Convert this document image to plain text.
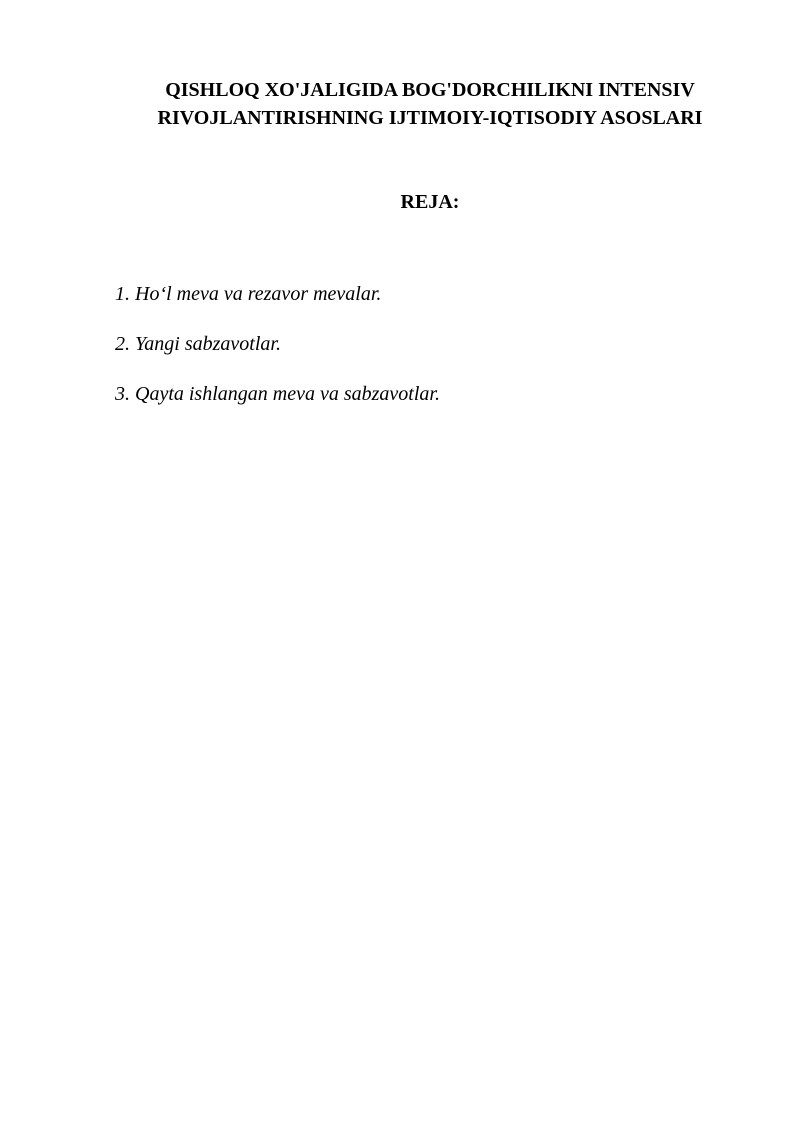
QISHLOQ XO'JALIGIDA BOG'DORCHILIKNI INTENSIV
RIVOJLANTIRISHNING IJTIMOIY-IQTISODIY ASOSLARI
REJA:
1. Ho‘l meva va rezavor mevalar.
2. Yangi sabzavotlar.
3. Qayta ishlangan meva va sabzavotlar.
